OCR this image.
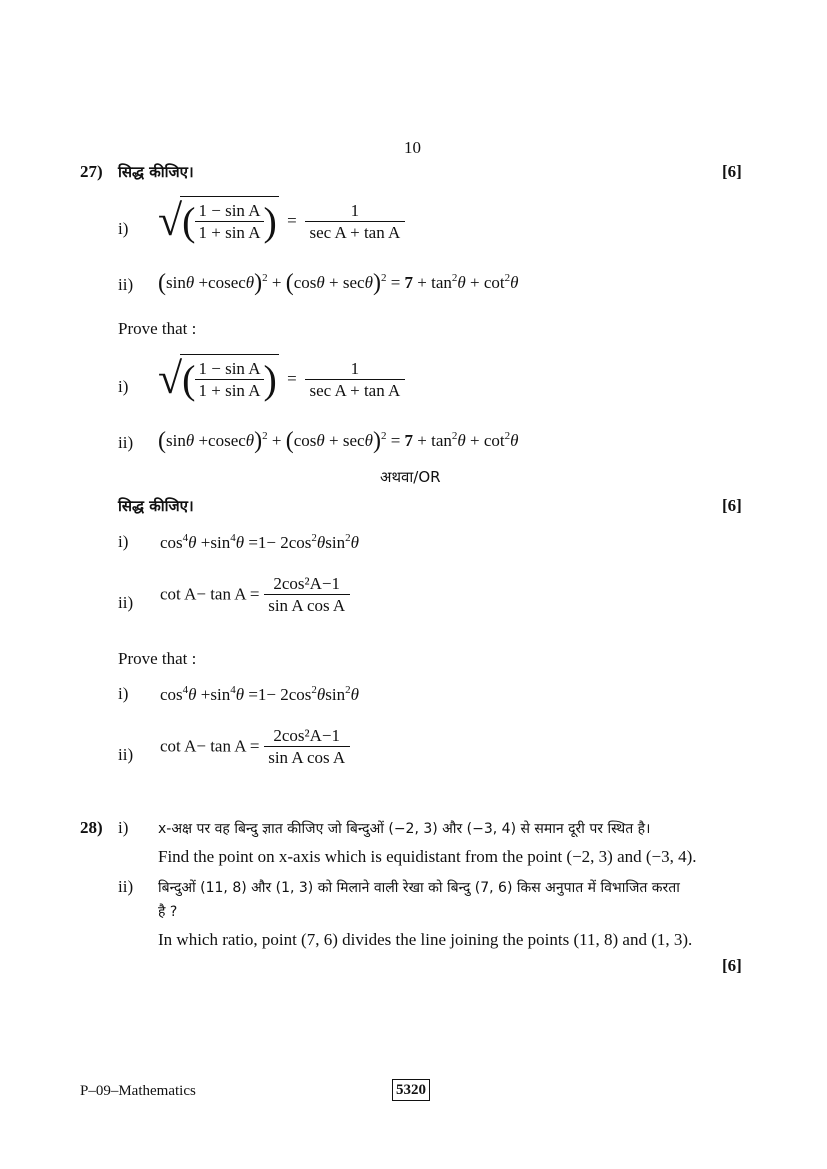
10
27) सिद्ध कीजिए।	[6]
i) √ ( $\frac{\text{1 − sin A}}{\text{1 + sin A}}$ ) = $\frac{1}{\text{sec A + tan A}}$
ii) $(\sin\theta +cosec\theta)^2 + (\cos\theta + \sec\theta)^2 = 7 + \tan^2\theta + \cot^2\theta$
Prove that :
i) √ ( $\frac{\text{1 − sin A}}{\text{1 + sin A}}$ ) = $\frac{1}{\text{sec A + tan A}}$
ii) $(\sin\theta +cosec\theta)^2 + (\cos\theta + \sec\theta)^2 = 7 + \tan^2\theta + \cot^2\theta$
अथवा/OR
सिद्ध कीजिए।	[6]
i) $\cos^4\theta +\sin^4\theta =1- 2\cos^2\theta\sin^2\theta$
ii) $\cot A- \tan A = \frac{\text{2cos²A−1}}{\text{sin A cos A}}$
Prove that :
i) $\cos^4\theta +\sin^4\theta =1- 2\cos^2\theta\sin^2\theta$
ii) $\cot A- \tan A = \frac{\text{2cos²A−1}}{\text{sin A cos A}}$
28) i) x-अक्ष पर वह बिन्दु ज्ञात कीजिए जो बिन्दुओं (−2, 3) और (−3, 4) से समान दूरी पर स्थित है।
Find the point on x-axis which is equidistant from the point (−2, 3) and (−3, 4).
ii) बिन्दुओं (11, 8) और (1, 3) को मिलाने वाली रेखा को बिन्दु (7, 6) किस अनुपात में विभाजित करता
है ?
In which ratio, point (7, 6) divides the line joining the points (11, 8) and (1, 3).
[6]
P–09–Mathematics	5320
